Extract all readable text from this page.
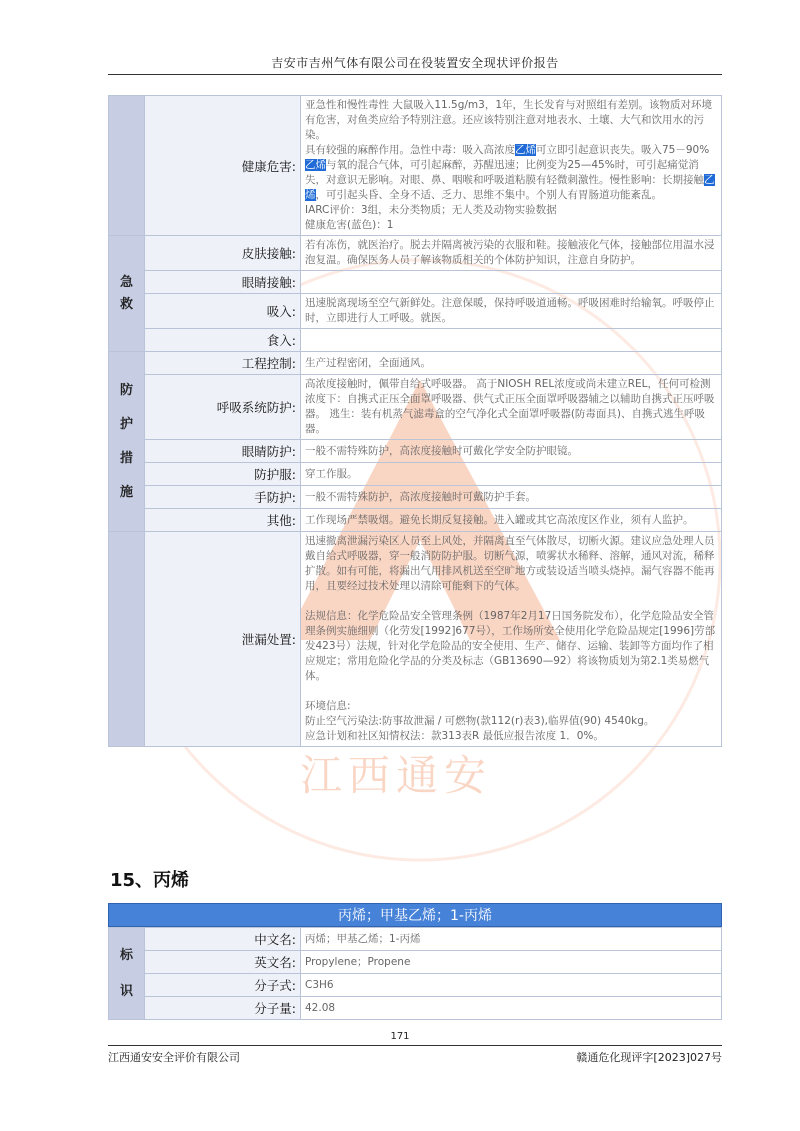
江西通安
吉安市吉州气体有限公司在役装置安全现状评价报告
	健康危害:	亚急性和慢性毒性 大鼠吸入11.5g/m3，1年，生长发育与对照组有差别。该物质对环境有危害，对鱼类应给予特别注意。还应该特别注意对地表水、土壤、大气和饮用水的污染。
具有较强的麻醉作用。急性中毒：吸入高浓度乙烯可立即引起意识丧失。吸入75－90%乙烯与氧的混合气体，可引起麻醉，苏醒迅速；比例变为25—45%时，可引起痛觉消失，对意识无影响。对眼、鼻、咽喉和呼吸道粘膜有轻微刺激性。慢性影响：长期接触乙烯，可引起头昏、全身不适、乏力、思维不集中。个别人有胃肠道功能紊乱。
IARC评价：3组，未分类物质；无人类及动物实验数据
健康危害(蓝色)：1

急
救	皮肤接触:	若有冻伤，就医治疗。脱去并隔离被污染的衣服和鞋。接触液化气体，接触部位用温水浸泡复温。确保医务人员了解该物质相关的个体防护知识，注意自身防护。
	眼睛接触:	
	吸入:	迅速脱离现场至空气新鲜处。注意保暖，保持呼吸道通畅。呼吸困难时给输氧。呼吸停止时，立即进行人工呼吸。就医。
	食入:	

防
护
措
施	工程控制:	生产过程密闭，全面通风。
	呼吸系统防护:	高浓度接触时，佩带自给式呼吸器。 高于NIOSH REL浓度或尚未建立REL，任何可检测浓度下：自携式正压全面罩呼吸器、供气式正压全面罩呼吸器辅之以辅助自携式正压呼吸器。 逃生：装有机蒸气滤毒盒的空气净化式全面罩呼吸器(防毒面具)、自携式逃生呼吸器。
	眼睛防护:	一般不需特殊防护，高浓度接触时可戴化学安全防护眼镜。
	防护服:	穿工作服。
	手防护:	一般不需特殊防护，高浓度接触时可戴防护手套。
	其他:	工作现场严禁吸烟。避免长期反复接触。进入罐或其它高浓度区作业，须有人监护。
	泄漏处置:	迅速撤离泄漏污染区人员至上风处，并隔离直至气体散尽，切断火源。建议应急处理人员戴自给式呼吸器，穿一般消防防护服。切断气源，喷雾状水稀释、溶解，通风对流，稀释扩散。如有可能，将漏出气用排风机送至空旷地方或装设适当喷头烧掉。漏气容器不能再用，且要经过技术处理以清除可能剩下的气体。
法规信息：化学危险品安全管理条例（1987年2月17日国务院发布），化学危险品安全管理条例实施细则（化劳发[1992]677号），工作场所安全使用化学危险品规定[1996]劳部发423号）法规，针对化学危险品的安全使用、生产、储存、运输、装卸等方面均作了相应规定；常用危险化学品的分类及标志（GB13690—92）将该物质划为第2.1类易燃气体。
环境信息:
防止空气污染法:防事故泄漏 / 可燃物(款112(r)表3),临界值(90) 4540kg。
应急计划和社区知情权法：款313表R 最低应报告浓度 1．0%。
15、丙烯
丙烯；甲基乙烯；1-丙烯
标
识	中文名:	丙烯；甲基乙烯；1-丙烯
	英文名:	Propylene；Propene
	分子式:	C3H6
	分子量:	42.08
171
江西通安安全评价有限公司	赣通危化现评字[2023]027号
